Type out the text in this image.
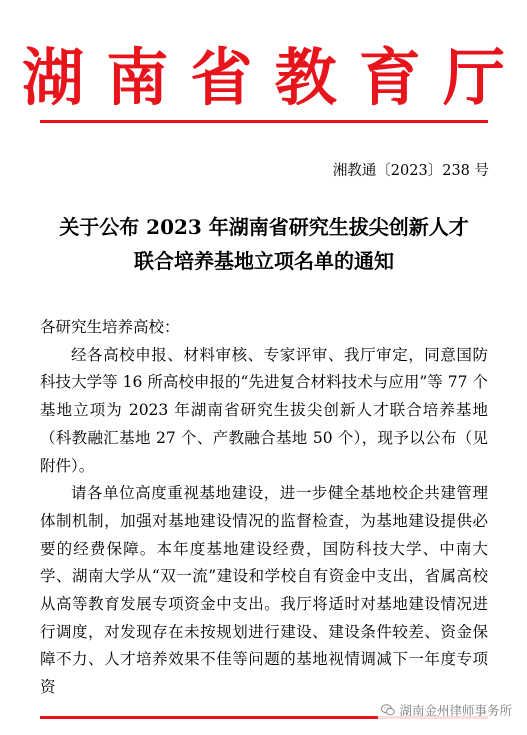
湖 南 省 教 育 厅
湘教通〔2023〕238 号
关于公布 2023 年湖南省研究生拔尖创新人才
联合培养基地立项名单的通知

各研究生培养高校：

经各高校申报、材料审核、专家评审、我厅审定，同意国防科技大学等 16 所高校申报的“先进复合材料技术与应用”等 77 个基地立项为 2023 年湖南省研究生拔尖创新人才联合培养基地（科教融汇基地 27 个、产教融合基地 50 个），现予以公布（见附件）。

请各单位高度重视基地建设，进一步健全基地校企共建管理体制机制，加强对基地建设情况的监督检查，为基地建设提供必要的经费保障。本年度基地建设经费，国防科技大学、中南大学、湖南大学从“双一流”建设和学校自有资金中支出，省属高校从高等教育发展专项资金中支出。我厅将适时对基地建设情况进行调度，对发现存在未按规划进行建设、建设条件较差、资金保障不力、人才培养效果不佳等问题的基地视情调减下一年度专项资

湖南金州律师事务所
